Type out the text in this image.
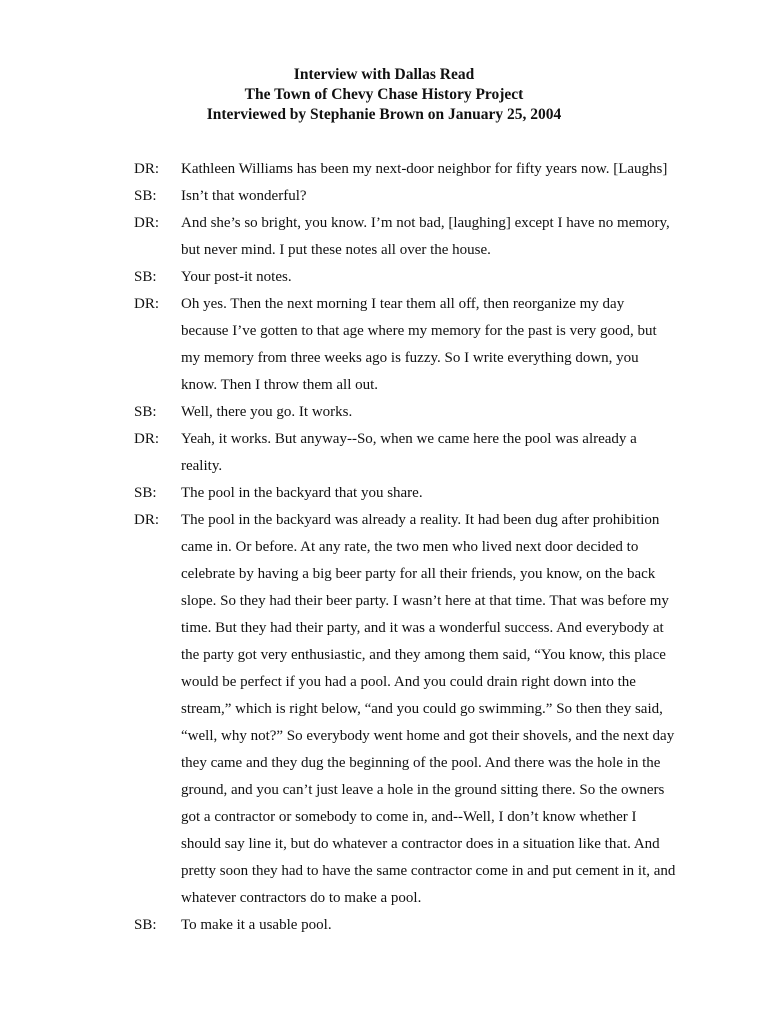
Interview with Dallas Read
The Town of Chevy Chase History Project
Interviewed by Stephanie Brown on January 25, 2004
DR:	Kathleen Williams has been my next-door neighbor for fifty years now. [Laughs]
SB:	Isn’t that wonderful?
DR:	And she’s so bright, you know. I’m not bad, [laughing] except I have no memory,
but never mind. I put these notes all over the house.
SB:	Your post-it notes.
DR:	Oh yes. Then the next morning I tear them all off, then reorganize my day
because I’ve gotten to that age where my memory for the past is very good, but
my memory from three weeks ago is fuzzy. So I write everything down, you
know. Then I throw them all out.
SB:	Well, there you go. It works.
DR:	Yeah, it works. But anyway--So, when we came here the pool was already a
reality.
SB:	The pool in the backyard that you share.
DR:	The pool in the backyard was already a reality. It had been dug after prohibition
came in. Or before. At any rate, the two men who lived next door decided to
celebrate by having a big beer party for all their friends, you know, on the back
slope. So they had their beer party. I wasn’t here at that time. That was before my
time. But they had their party, and it was a wonderful success. And everybody at
the party got very enthusiastic, and they among them said, “You know, this place
would be perfect if you had a pool. And you could drain right down into the
stream,” which is right below, “and you could go swimming.” So then they said,
“well, why not?” So everybody went home and got their shovels, and the next day
they came and they dug the beginning of the pool. And there was the hole in the
ground, and you can’t just leave a hole in the ground sitting there. So the owners
got a contractor or somebody to come in, and--Well, I don’t know whether I
should say line it, but do whatever a contractor does in a situation like that. And
pretty soon they had to have the same contractor come in and put cement in it, and
whatever contractors do to make a pool.
SB:	To make it a usable pool.
